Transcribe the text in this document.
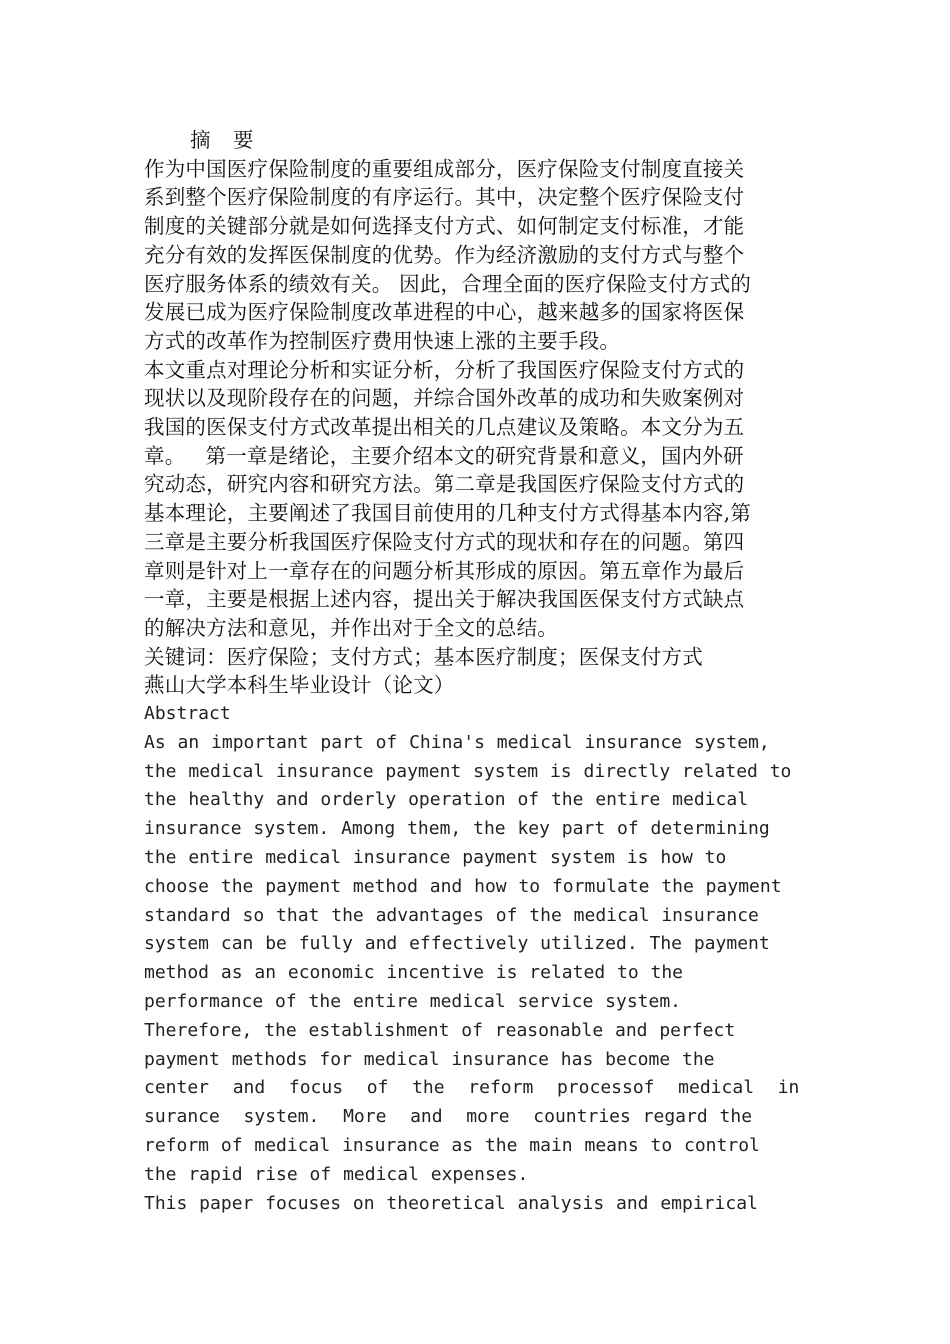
摘 要

作为中国医疗保险制度的重要组成部分，医疗保险支付制度直接关
系到整个医疗保险制度的有序运行。其中，决定整个医疗保险支付
制度的关键部分就是如何选择支付方式、如何制定支付标准，才能
充分有效的发挥医保制度的优势。作为经济激励的支付方式与整个
医疗服务体系的绩效有关。 因此，合理全面的医疗保险支付方式的
发展已成为医疗保险制度改革进程的中心，越来越多的国家将医保
方式的改革作为控制医疗费用快速上涨的主要手段。

本文重点对理论分析和实证分析，分析了我国医疗保险支付方式的
现状以及现阶段存在的问题，并综合国外改革的成功和失败案例对
我国的医保支付方式改革提出相关的几点建议及策略。本文分为五
章。   第一章是绪论，主要介绍本文的研究背景和意义，国内外研
究动态，研究内容和研究方法。第二章是我国医疗保险支付方式的
基本理论，主要阐述了我国目前使用的几种支付方式得基本内容,第
三章是主要分析我国医疗保险支付方式的现状和存在的问题。第四
章则是针对上一章存在的问题分析其形成的原因。第五章作为最后
一章，主要是根据上述内容，提出关于解决我国医保支付方式缺点
的解决方法和意见，并作出对于全文的总结。

关键词：医疗保险；支付方式；基本医疗制度；医保支付方式

燕山大学本科生毕业设计（论文）

Abstract

As an important part of China's medical insurance system,
the medical insurance payment system is directly related to
the healthy and orderly operation of the entire medical
insurance system. Among them, the key part of determining
the entire medical insurance payment system is how to
choose the payment method and how to formulate the payment
standard so that the advantages of the medical insurance
system can be fully and effectively utilized. The payment
method as an economic incentive is related to the
performance of the entire medical service system.
Therefore, the establishment of reasonable and perfect
payment methods for medical insurance has become the
center  and  focus  of  the  reform  processof  medical  in
surance  system.  More  and  more  countries regard the
reform of medical insurance as the main means to control
the rapid rise of medical expenses.

This paper focuses on theoretical analysis and empirical
